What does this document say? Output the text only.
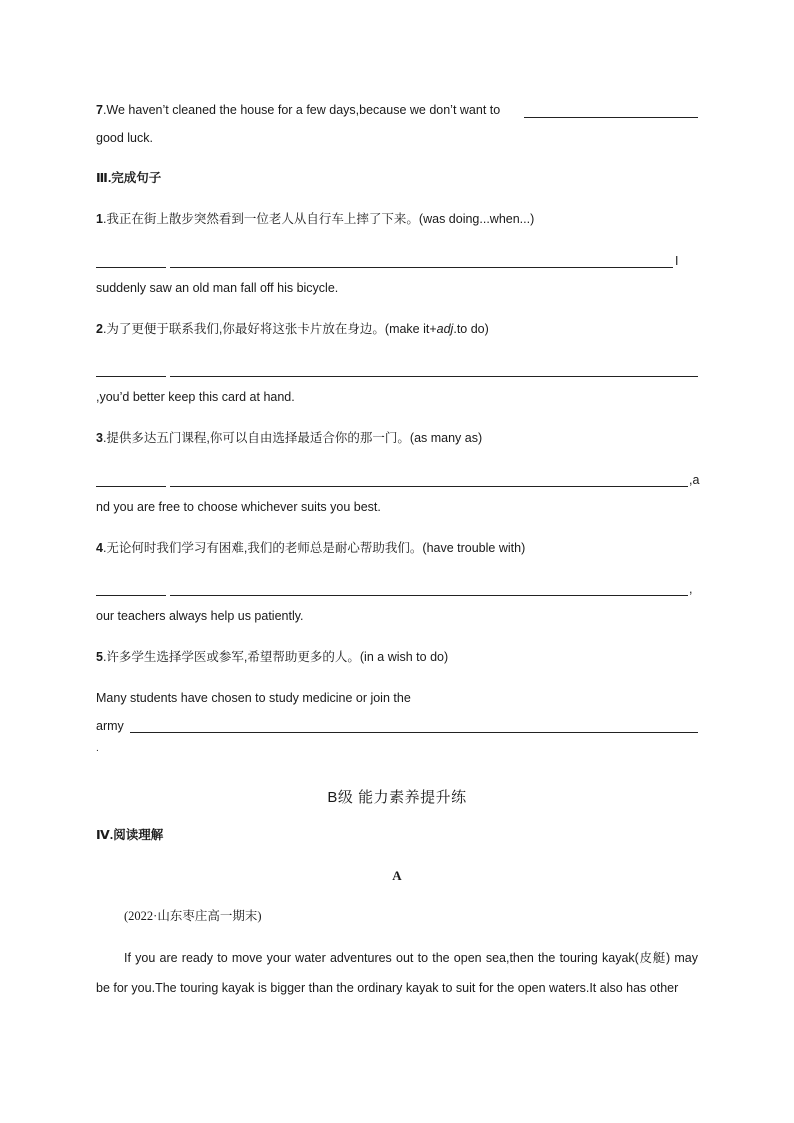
7.We haven’t cleaned the house for a few days,because we don’t want to
good luck.
Ⅲ.完成句子
1.我正在街上散步突然看到一位老人从自行车上摔了下来。(was doing...when...)
I
suddenly saw an old man fall off his bicycle.
2.为了更便于联系我们,你最好将这张卡片放在身边。(make it+adj.to do)
,you’d better keep this card at hand.
3.提供多达五门课程,你可以自由选择最适合你的那一门。(as many as)
,a
nd you are free to choose whichever suits you best.
4.无论何时我们学习有困难,我们的老师总是耐心帮助我们。(have trouble with)
,
our teachers always help us patiently.
5.许多学生选择学医或参军,希望帮助更多的人。(in a wish to do)
Many students have chosen to study medicine or join the
army
.
B级 能力素养提升练
Ⅳ.阅读理解
A
(2022·山东枣庄高一期末)
If you are ready to move your water adventures out to the open sea,then the touring kayak(皮艇) may be for you.The touring kayak is bigger than the ordinary kayak to suit for the open waters.It also has other
